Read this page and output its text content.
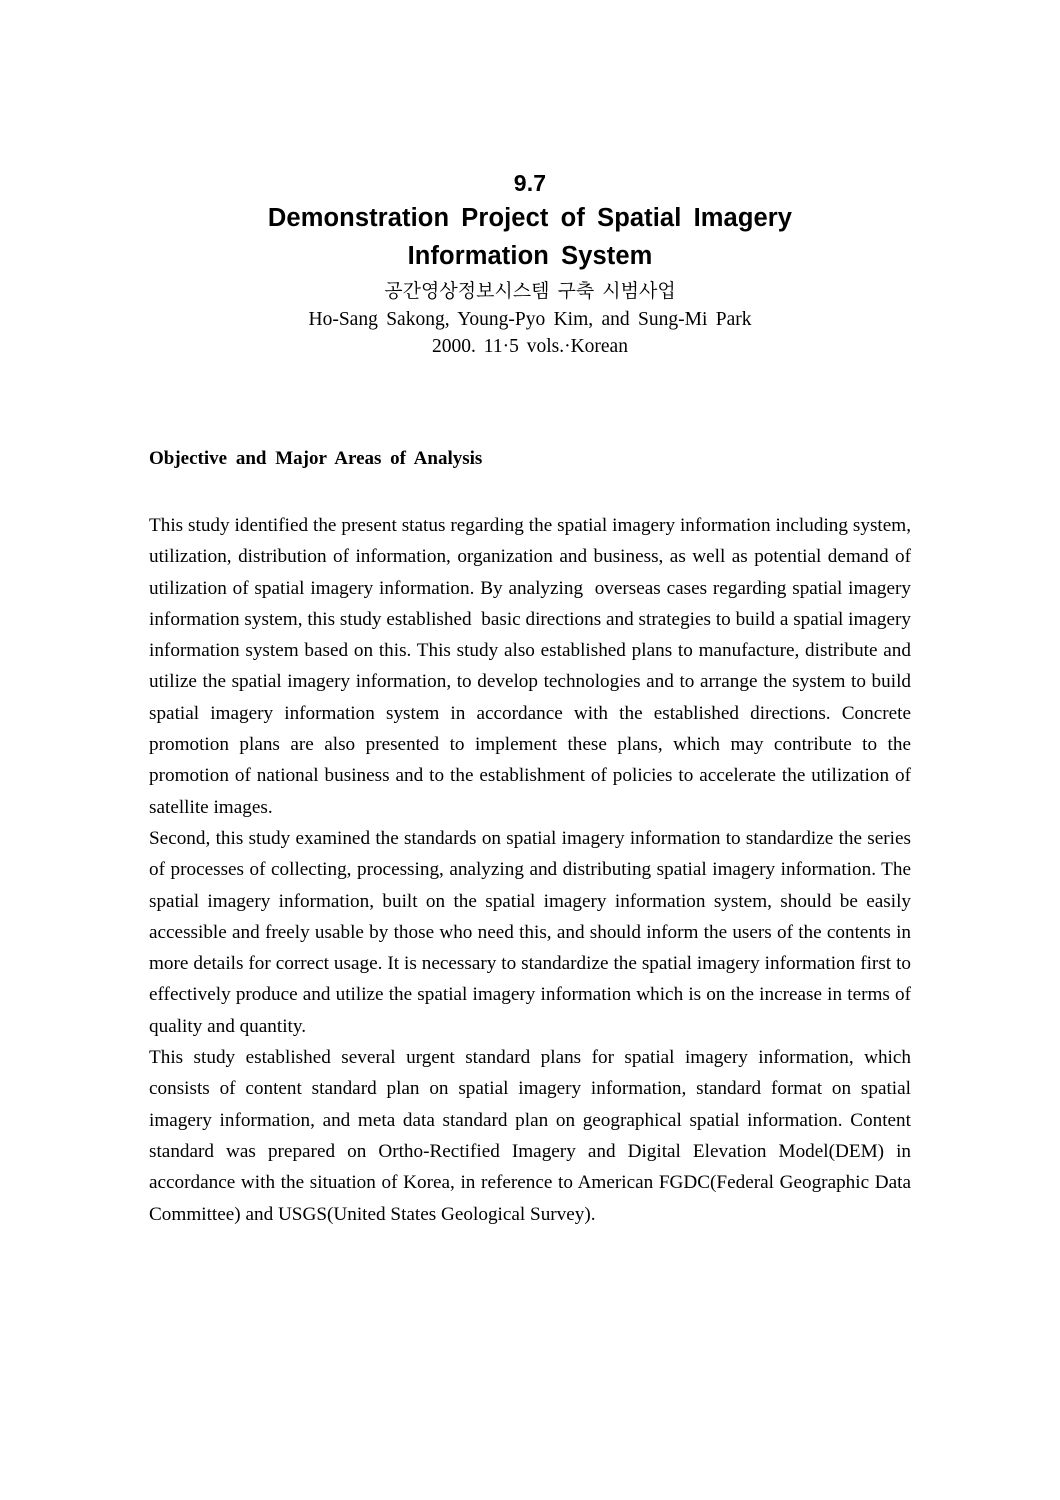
9.7
Demonstration Project of Spatial Imagery
Information System
공간영상정보시스템 구축 시범사업
Ho-Sang Sakong, Young-Pyo Kim, and Sung-Mi Park
2000. 11·5 vols.·Korean
Objective and Major Areas of Analysis

This study identified the present status regarding the spatial imagery information including system, utilization, distribution of information, organization and business, as well as potential demand of utilization of spatial imagery information. By analyzing  overseas cases regarding spatial imagery information system, this study established  basic directions and strategies to build a spatial imagery information system based on this. This study also established plans to manufacture, distribute and utilize the spatial imagery information, to develop technologies and to arrange the system to build spatial imagery information system in accordance with the established directions. Concrete promotion plans are also presented to implement these plans, which may contribute to the promotion of national business and to the establishment of policies to accelerate the utilization of satellite images.

Second, this study examined the standards on spatial imagery information to standardize the series of processes of collecting, processing, analyzing and distributing spatial imagery information. The spatial imagery information, built on the spatial imagery information system, should be easily accessible and freely usable by those who need this, and should inform the users of the contents in more details for correct usage. It is necessary to standardize the spatial imagery information first to effectively produce and utilize the spatial imagery information which is on the increase in terms of quality and quantity.

This study established several urgent standard plans for spatial imagery information, which consists of content standard plan on spatial imagery information, standard format on spatial imagery information, and meta data standard plan on geographical spatial information. Content standard was prepared on Ortho-Rectified Imagery and Digital Elevation Model(DEM) in accordance with the situation of Korea, in reference to American FGDC(Federal Geographic Data Committee) and USGS(United States Geological Survey).
